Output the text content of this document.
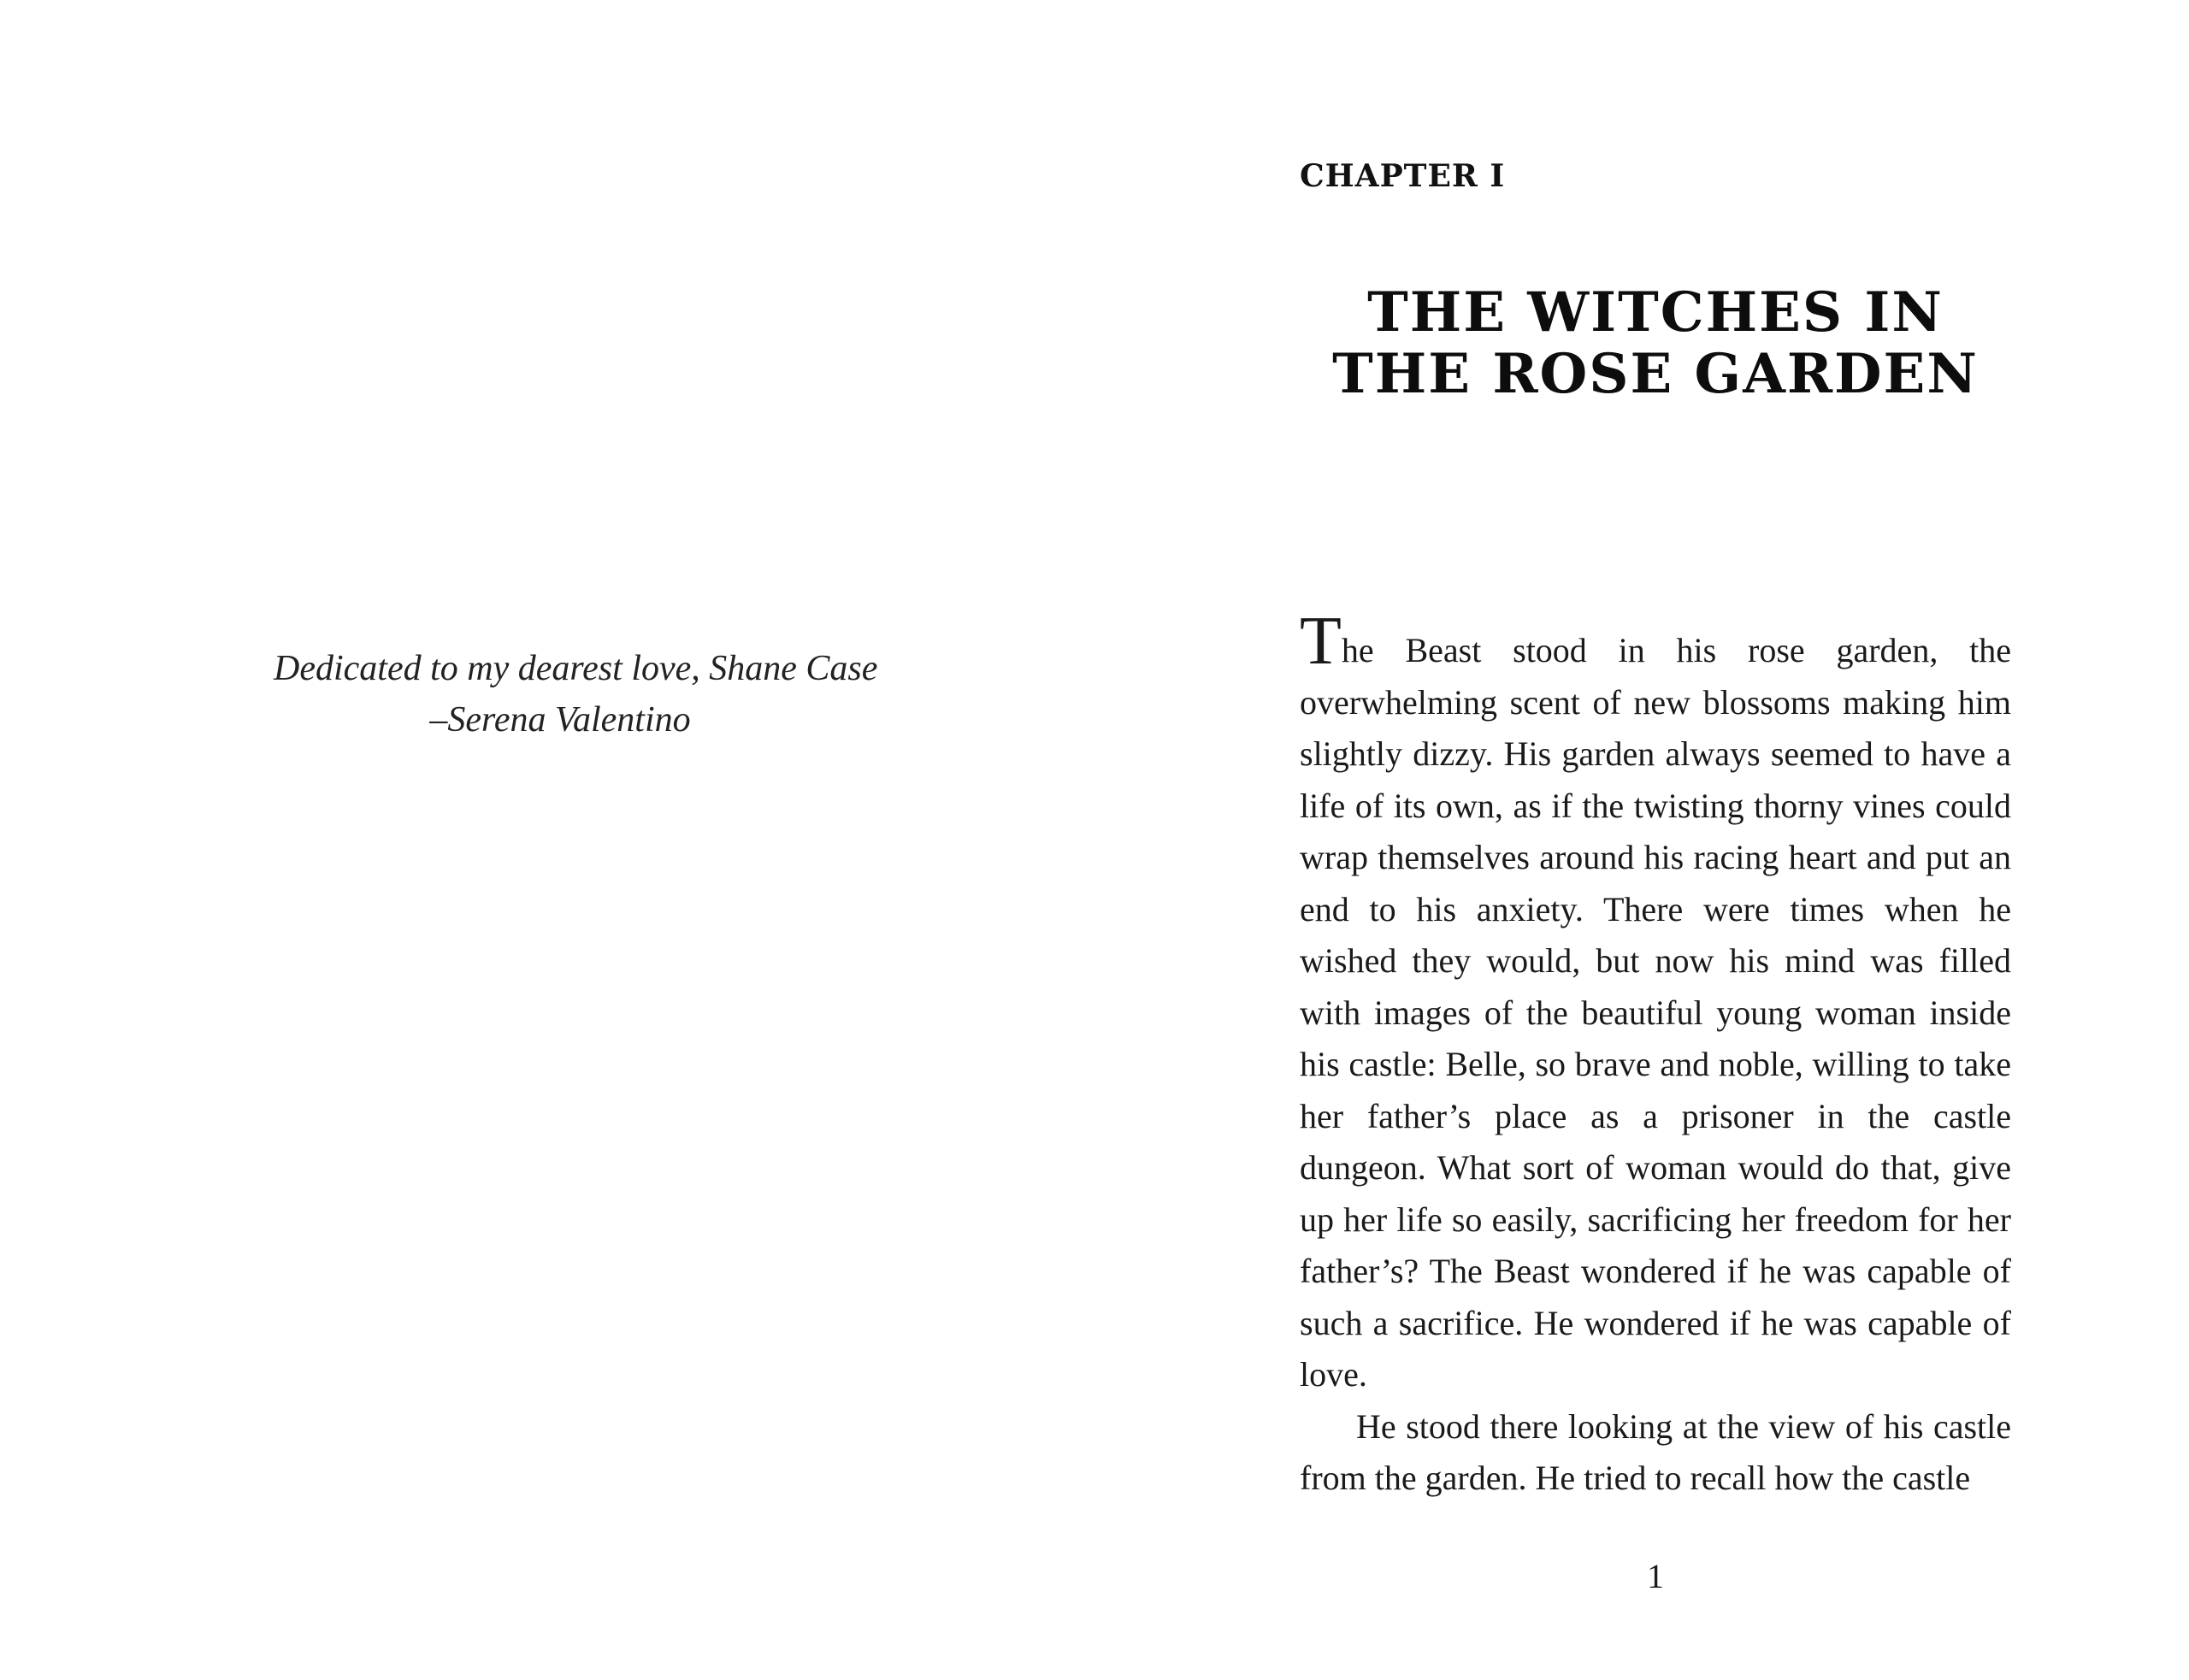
Dedicated to my dearest love, Shane Case
–Serena Valentino
CHAPTER I
THE WITCHES IN
THE ROSE GARDEN

The Beast stood in his rose garden, the overwhelming scent of new blossoms making him slightly dizzy. His garden always seemed to have a life of its own, as if the twisting thorny vines could wrap themselves around his racing heart and put an end to his anxiety. There were times when he wished they would, but now his mind was filled with images of the beautiful young woman inside his castle: Belle, so brave and noble, willing to take her father’s place as a prisoner in the castle dungeon. What sort of woman would do that, give up her life so easily, sacrificing her freedom for her father’s? The Beast wondered if he was capable of such a sacrifice. He wondered if he was capable of love.

He stood there looking at the view of his castle from the garden. He tried to recall how the castle

1
